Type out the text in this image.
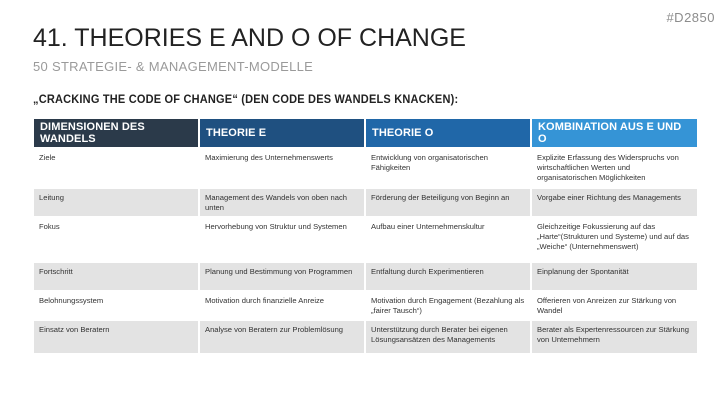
#D2850
41. THEORIES E AND O OF CHANGE
50 STRATEGIE- & MANAGEMENT-MODELLE
„CRACKING THE CODE OF CHANGE“ (DEN CODE DES WANDELS KNACKEN):
DIMENSIONEN DES WANDELS	THEORIE E	THEORIE O	KOMBINATION AUS E UND O
Ziele	Maximierung des Unternehmenswerts	Entwicklung von organisatorischen Fähigkeiten	Explizite Erfassung des Widerspruchs von wirtschaftlichen Werten und organisatorischen Möglichkeiten
Leitung	Management des Wandels von oben nach unten	Förderung der Beteiligung von Beginn an	Vorgabe einer Richtung des Managements
Fokus	Hervorhebung von Struktur und Systemen	Aufbau einer Unternehmenskultur	Gleichzeitige Fokussierung auf das „Harte“(Strukturen und Systeme) und auf das „Weiche“ (Unternehmenswert)
Fortschritt	Planung und Bestimmung von Programmen	Entfaltung durch Experimentieren	Einplanung der Spontanität
Belohnungssystem	Motivation durch finanzielle Anreize	Motivation durch Engagement (Bezahlung als „fairer Tausch“)	Offerieren von Anreizen zur Stärkung von Wandel
Einsatz von Beratern	Analyse von Beratern zur Problemlösung	Unterstützung durch Berater bei eigenen Lösungsansätzen des Managements	Berater als Expertenressourcen zur Stärkung von Unternehmern
